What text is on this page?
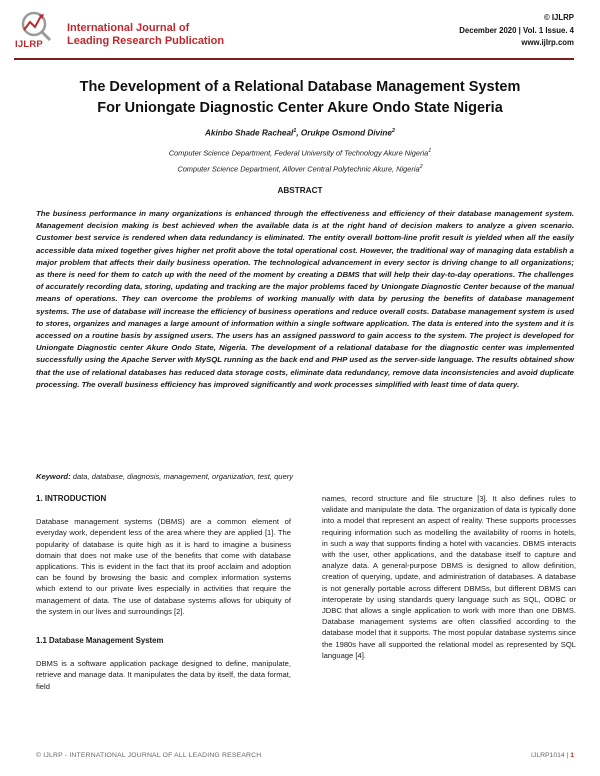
IJLRP
International Journal of
Leading Research Publication
© IJLRP
December 2020 | Vol. 1 Issue. 4
www.ijlrp.com
The Development of a Relational Database Management System
For Uniongate Diagnostic Center Akure Ondo State Nigeria
Akinbo Shade Racheal$^1$, Orukpe Osmond Divine$^2$
Computer Science Department, Federal University of Technology Akure Nigeria$^1$
Computer Science Department, Allover Central Polytechnic Akure, Nigeria$^2$
ABSTRACT
The business performance in many organizations is enhanced through the effectiveness and efficiency of their database management system. Management decision making is best achieved when the available data is at the right hand of decision makers to analyze a given scenario. Customer best service is rendered when data redundancy is eliminated. The entity overall bottom-line profit result is yielded when all the easily accessible data mixed together gives higher net profit above the total operational cost. However, the traditional way of managing data establish a major problem that affects their daily business operation. The technological advancement in every sector is driving change to all organizations; as there is need for them to catch up with the need of the moment by creating a DBMS that will help their day-to-day operations. The challenges of accurately recording data, storing, updating and tracking are the major problems faced by Uniongate Diagnostic Center because of the manual means of operations. They can overcome the problems of working manually with data by perusing the benefits of database management systems. The use of database will increase the efficiency of business operations and reduce overall costs. Database management system is used to stores, organizes and manages a large amount of information within a single software application. The data is entered into the system and it is accessed on a routine basis by assigned users. The users has an assigned password to gain access to the system. The project is developed for Uniongate Diagnostic center Akure Ondo State, Nigeria. The development of a relational database for the diagnostic center was implemented successfully using the Apache Server with MySQL running as the back end and PHP used as the server-side language. The results obtained show that the use of relational databases has reduced data storage costs, eliminate data redundancy, remove data inconsistencies and avoid duplicate processing. The overall business efficiency has improved significantly and work processes simplified with least time of data query.
Keyword: data, database, diagnosis, management, organization, test, query
1. INTRODUCTION
Database management systems (DBMS) are a common element of everyday work, dependent less of the area where they are applied [1]. The popularity of database is quite high as it is hard to imagine a business domain that does not make use of the benefits that come with database applications. This is evident in the fact that its proof acclaim and adoption can be found by browsing the basic and complex information systems which extend to our private lives especially in activities that require the management of data. The use of database systems allows for ubiquity of the system in our lives and surroundings [2].
1.1 Database Management System
DBMS is a software application package designed to define, manipulate, retrieve and manage data. It manipulates the data by itself, the data format, field
names, record structure and file structure [3]. It also defines rules to validate and manipulate the data. The organization of data is typically done into a model that represent an aspect of reality. These supports processes requiring information such as modelling the availability of rooms in hotels, in such a way that supports finding a hotel with vacancies. DBMS interacts with the user, other applications, and the database itself to capture and analyze data. A general-purpose DBMS is designed to allow definition, creation of querying, update, and administration of databases. A database is not generally portable across different DBMSs, but different DBMS can interoperate by using standards query language such as SQL, ODBC or JDBC that allows a single application to work with more than one DBMS. Database management systems are often classified according to the database model that it supports. The most popular database systems since the 1980s have all supported the relational model as represented by SQL language [4].
© IJLRP - INTERNATIONAL JOURNAL OF ALL LEADING RESEARCH	IJLRP1014 | 1
